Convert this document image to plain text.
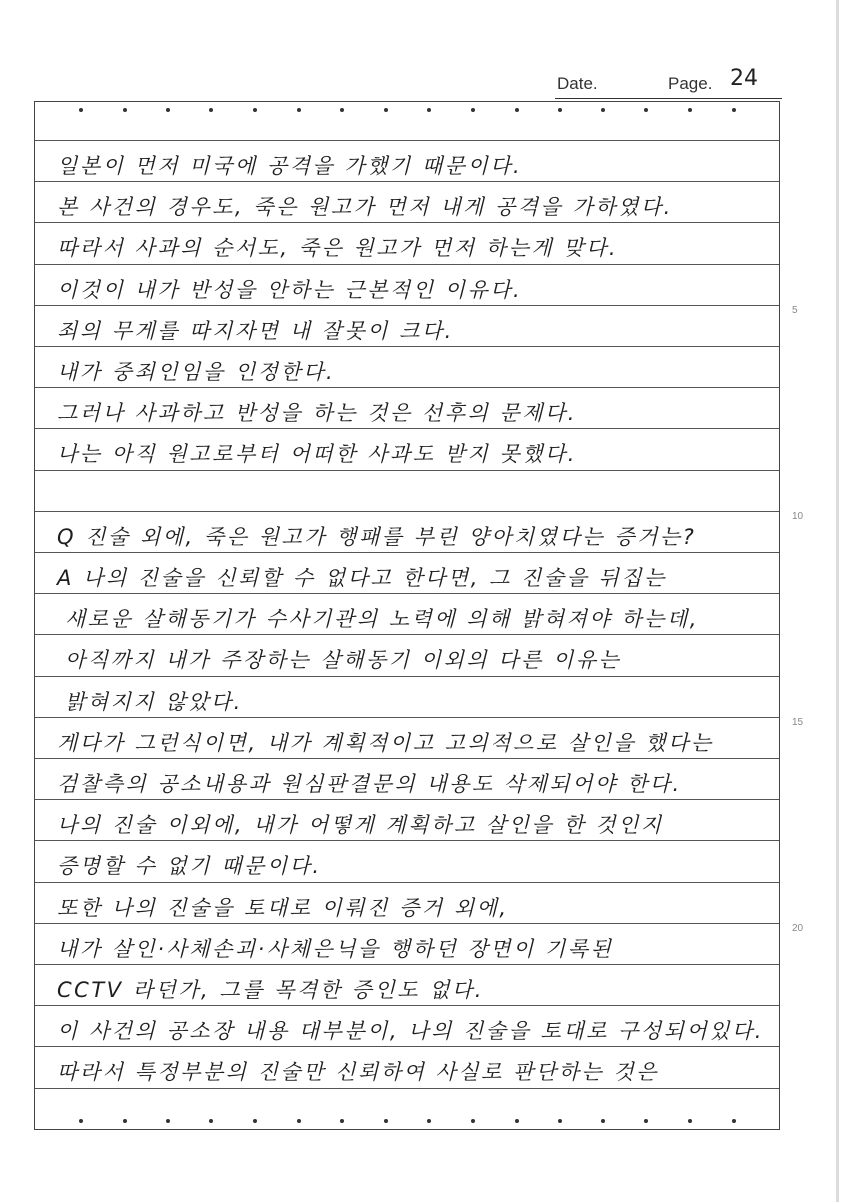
Date.	Page. 24
일본이 먼저 미국에 공격을 가했기 때문이다.
본 사건의 경우도, 죽은 원고가 먼저 내게 공격을 가하였다.
따라서 사과의 순서도, 죽은 원고가 먼저 하는게 맞다.
이것이 내가 반성을 안하는 근본적인 이유다.
죄의 무게를 따지자면 내 잘못이 크다.
내가 중죄인임을 인정한다.
그러나 사과하고 반성을 하는 것은 선후의 문제다.
나는 아직 원고로부터 어떠한 사과도 받지 못했다.
Q 진술 외에, 죽은 원고가 행패를 부린 양아치였다는 증거는?
A 나의 진술을 신뢰할 수 없다고 한다면, 그 진술을 뒤집는
새로운 살해동기가 수사기관의 노력에 의해 밝혀져야 하는데,
아직까지 내가 주장하는 살해동기 이외의 다른 이유는
밝혀지지 않았다.
게다가 그런식이면, 내가 계획적이고 고의적으로 살인을 했다는
검찰측의 공소내용과 원심판결문의 내용도 삭제되어야 한다.
나의 진술 이외에, 내가 어떻게 계획하고 살인을 한 것인지
증명할 수 없기 때문이다.
또한 나의 진술을 토대로 이뤄진 증거 외에,
내가 살인·사체손괴·사체은닉을 행하던 장면이 기록된
CCTV 라던가, 그를 목격한 증인도 없다.
이 사건의 공소장 내용 대부분이, 나의 진술을 토대로 구성되어있다.
따라서 특정부분의 진술만 신뢰하여 사실로 판단하는 것은
5
10
15
20
